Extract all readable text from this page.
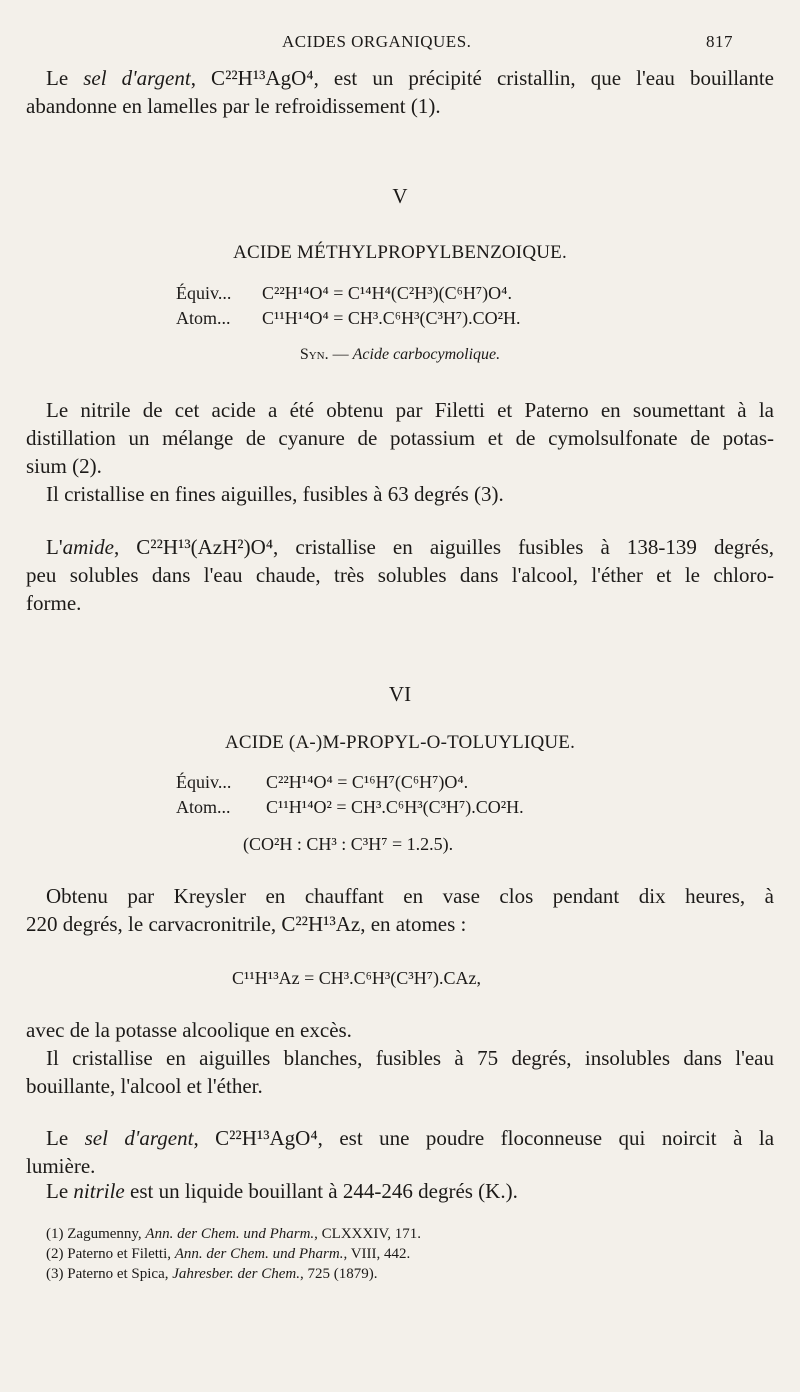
ACIDES ORGANIQUES.	817
Le sel d'argent, C²²H¹³AgO⁴, est un précipité cristallin, que l'eau bouillante
abandonne en lamelles par le refroidissement (1).
V
ACIDE MÉTHYLPROPYLBENZOIQUE.
Équiv... C²²H¹⁴O⁴ = C¹⁴H⁴(C²H³)(C⁶H⁷)O⁴.
Atom... C¹¹H¹⁴O⁴ = CH³.C⁶H³(C³H⁷).CO²H.
Syn. — Acide carbocymolique.
Le nitrile de cet acide a été obtenu par Filetti et Paterno en soumettant à la
distillation un mélange de cyanure de potassium et de cymolsulfonate de potas-
sium (2).
Il cristallise en fines aiguilles, fusibles à 63 degrés (3).
L'amide, C²²H¹³(AzH²)O⁴, cristallise en aiguilles fusibles à 138-139 degrés,
peu solubles dans l'eau chaude, très solubles dans l'alcool, l'éther et le chloro-
forme.
VI
ACIDE (A-)M-PROPYL-O-TOLUYLIQUE.
Équiv... C²²H¹⁴O⁴ = C¹⁶H⁷(C⁶H⁷)O⁴.
Atom... C¹¹H¹⁴O² = CH³.C⁶H³(C³H⁷).CO²H.
(CO²H : CH³ : C³H⁷ = 1.2.5).
Obtenu par Kreysler en chauffant en vase clos pendant dix heures, à
220 degrés, le carvacronitrile, C²²H¹³Az, en atomes :
C¹¹H¹³Az = CH³.C⁶H³(C³H⁷).CAz,
avec de la potasse alcoolique en excès.
Il cristallise en aiguilles blanches, fusibles à 75 degrés, insolubles dans l'eau
bouillante, l'alcool et l'éther.
Le sel d'argent, C²²H¹³AgO⁴, est une poudre floconneuse qui noircit à la
lumière.
Le nitrile est un liquide bouillant à 244-246 degrés (K.).
(1) Zagumenny, Ann. der Chem. und Pharm., CLXXXIV, 171.
(2) Paterno et Filetti, Ann. der Chem. und Pharm., VIII, 442.
(3) Paterno et Spica, Jahresber. der Chem., 725 (1879).
